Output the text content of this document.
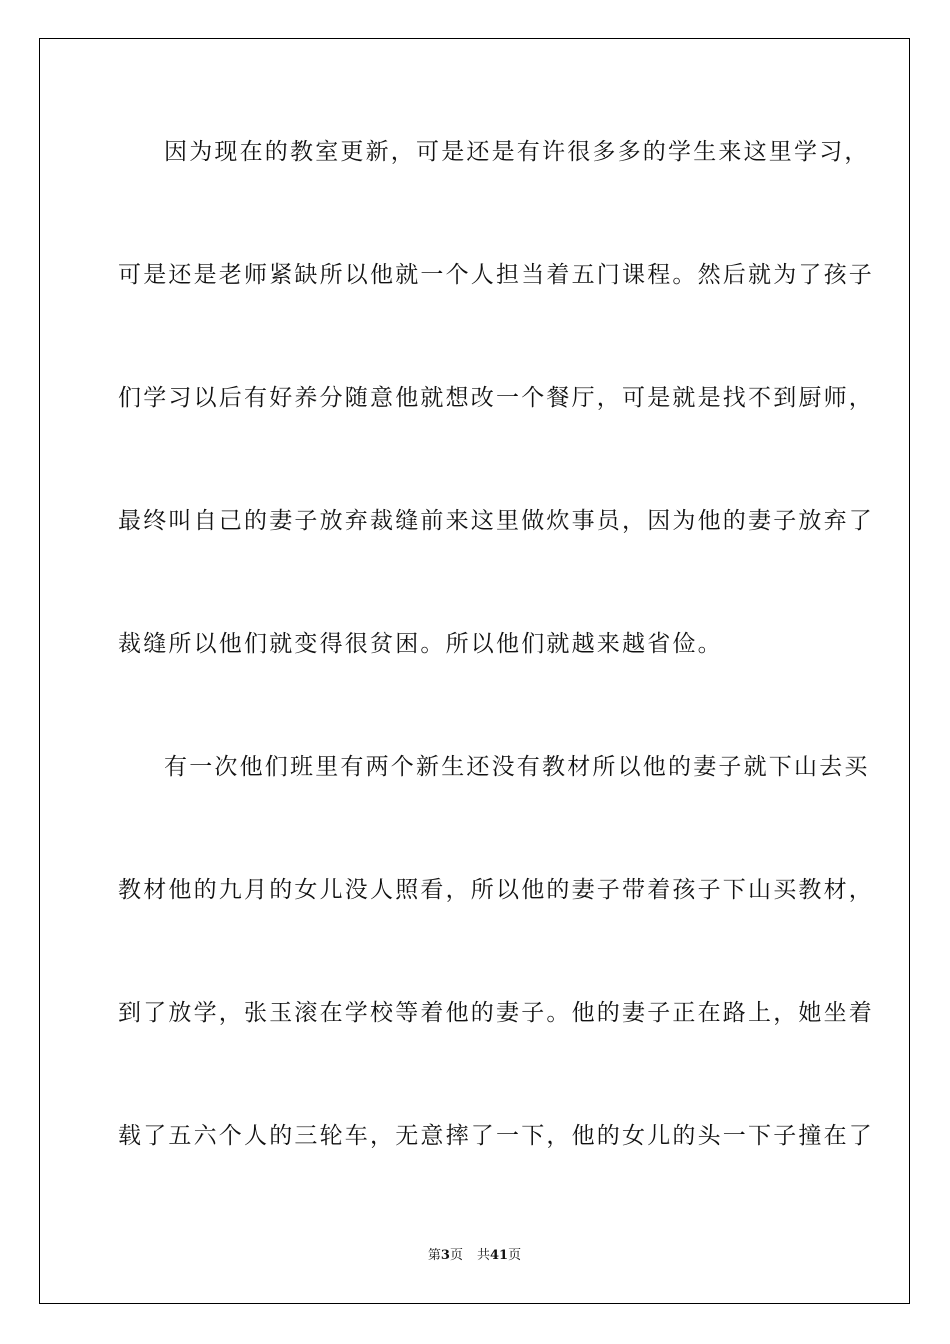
因为现在的教室更新，可是还是有许很多多的学生来这里学习，
可是还是老师紧缺所以他就一个人担当着五门课程。然后就为了孩子
们学习以后有好养分随意他就想改一个餐厅，可是就是找不到厨师，
最终叫自己的妻子放弃裁缝前来这里做炊事员，因为他的妻子放弃了
裁缝所以他们就变得很贫困。所以他们就越来越省俭。
有一次他们班里有两个新生还没有教材所以他的妻子就下山去买
教材他的九月的女儿没人照看，所以他的妻子带着孩子下山买教材，
到了放学，张玉滚在学校等着他的妻子。他的妻子正在路上，她坐着
载了五六个人的三轮车，无意摔了一下，他的女儿的头一下子撞在了
第3页 共41页
